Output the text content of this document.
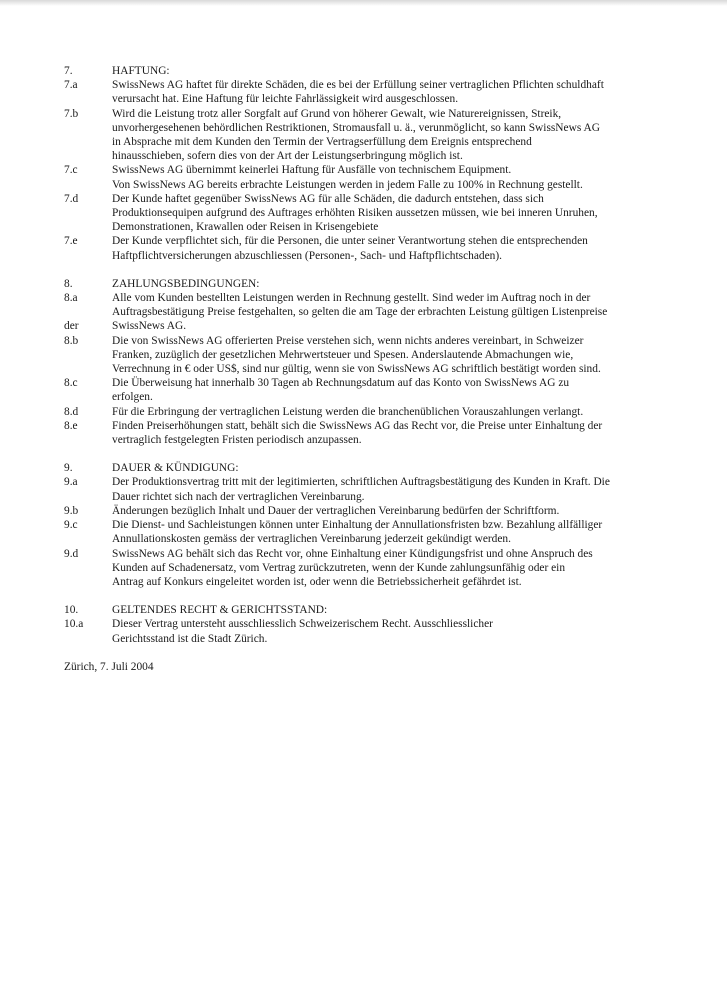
7.	HAFTUNG:
7.a	SwissNews AG haftet für direkte Schäden, die es bei der Erfüllung seiner vertraglichen Pflichten schuldhaft
verursacht hat. Eine Haftung für leichte Fahrlässigkeit wird ausgeschlossen.
7.b	Wird die Leistung trotz aller Sorgfalt auf Grund von höherer Gewalt, wie Naturereignissen, Streik,
unvorhergesehenen behördlichen Restriktionen, Stromausfall u. ä., verunmöglicht, so kann SwissNews AG
in Absprache mit dem Kunden den Termin der Vertragserfüllung dem Ereignis entsprechend
hinausschieben, sofern dies von der Art der Leistungserbringung möglich ist.
7.c	SwissNews AG übernimmt keinerlei Haftung für Ausfälle von technischem Equipment.
Von SwissNews AG bereits erbrachte Leistungen werden in jedem Falle zu 100% in Rechnung gestellt.
7.d	Der Kunde haftet gegenüber SwissNews AG für alle Schäden, die dadurch entstehen, dass sich
Produktionsequipen aufgrund des Auftrages erhöhten Risiken aussetzen müssen, wie bei inneren Unruhen,
Demonstrationen, Krawallen oder Reisen in Krisengebiete
7.e	Der Kunde verpflichtet sich, für die Personen, die unter seiner Verantwortung stehen die entsprechenden
Haftpflichtversicherungen abzuschliessen (Personen-, Sach- und Haftpflichtschaden).
8.	ZAHLUNGSBEDINGUNGEN:
8.a	Alle vom Kunden bestellten Leistungen werden in Rechnung gestellt. Sind weder im Auftrag noch in der
Auftragsbestätigung Preise festgehalten, so gelten die am Tage der erbrachten Leistung gültigen Listenpreise
der	SwissNews AG.
8.b	Die von SwissNews AG offerierten Preise verstehen sich, wenn nichts anderes vereinbart, in Schweizer
Franken, zuzüglich der gesetzlichen Mehrwertsteuer und Spesen. Anderslautende Abmachungen wie,
Verrechnung in € oder US$, sind nur gültig, wenn sie von SwissNews AG schriftlich bestätigt worden sind.
8.c	Die Überweisung hat innerhalb 30 Tagen ab Rechnungsdatum auf das Konto von SwissNews AG zu
erfolgen.
8.d	Für die Erbringung der vertraglichen Leistung werden die branchenüblichen Vorauszahlungen verlangt.
8.e	Finden Preiserhöhungen statt, behält sich die SwissNews AG das Recht vor, die Preise unter Einhaltung der
vertraglich festgelegten Fristen periodisch anzupassen.
9.	DAUER & KÜNDIGUNG:
9.a	Der Produktionsvertrag tritt mit der legitimierten, schriftlichen Auftragsbestätigung des Kunden in Kraft. Die
Dauer richtet sich nach der vertraglichen Vereinbarung.
9.b	Änderungen bezüglich Inhalt und Dauer der vertraglichen Vereinbarung bedürfen der Schriftform.
9.c	Die Dienst- und Sachleistungen können unter Einhaltung der Annullationsfristen bzw. Bezahlung allfälliger
Annullationskosten gemäss der vertraglichen Vereinbarung jederzeit gekündigt werden.
9.d	SwissNews AG behält sich das Recht vor, ohne Einhaltung einer Kündigungsfrist und ohne Anspruch des
Kunden auf Schadenersatz, vom Vertrag zurückzutreten, wenn der Kunde zahlungsunfähig oder ein
Antrag auf Konkurs eingeleitet worden ist, oder wenn die Betriebssicherheit gefährdet ist.
10.	GELTENDES RECHT & GERICHTSSTAND:
10.a	Dieser Vertrag untersteht ausschliesslich Schweizerischem Recht. Ausschliesslicher
Gerichtsstand ist die Stadt Zürich.
Zürich, 7. Juli 2004
